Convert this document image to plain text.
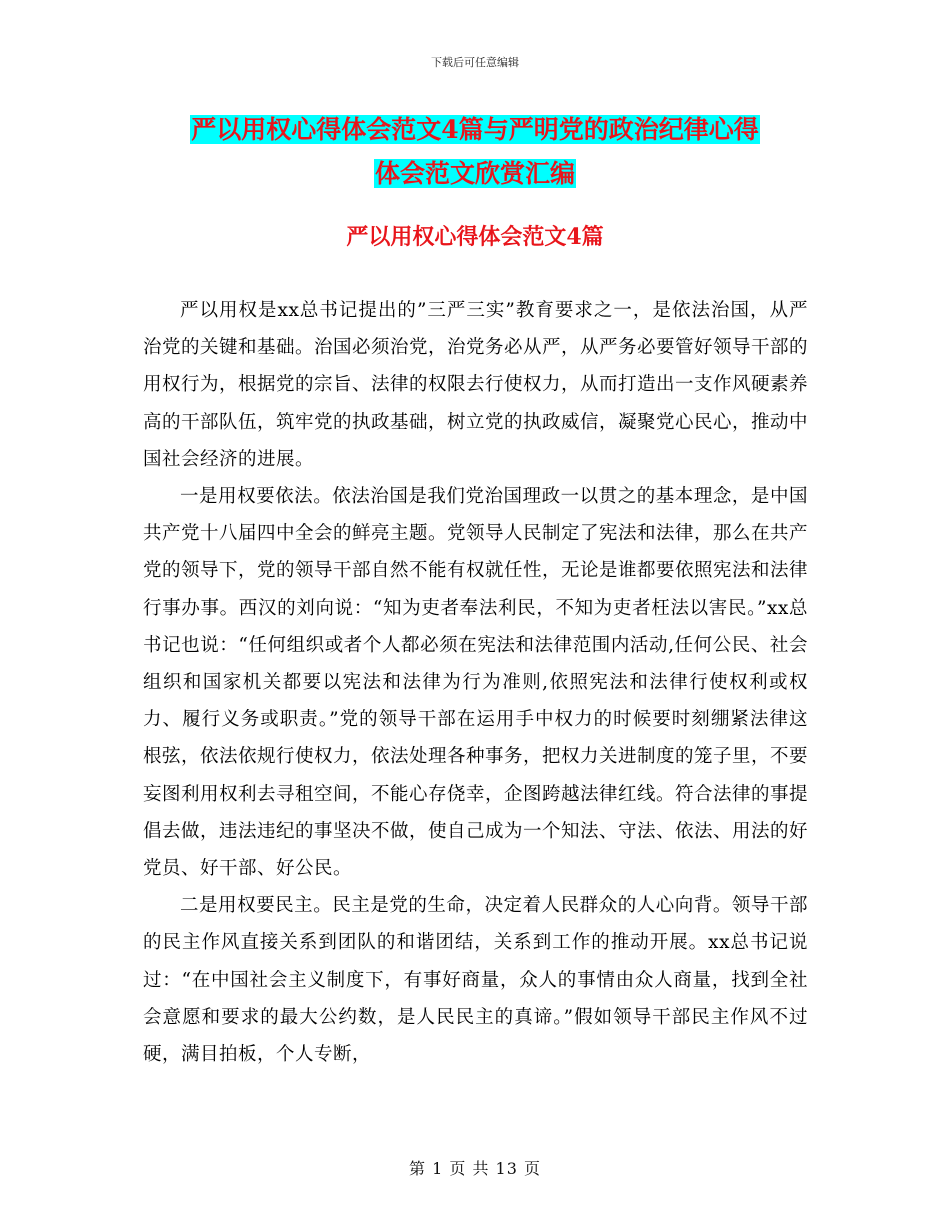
下载后可任意编辑
严以用权心得体会范文4篇与严明党的政治纪律心得
体会范文欣赏汇编
严以用权心得体会范文4篇

严以用权是xx总书记提出的”三严三实”教育要求之一，是依法治国，从严治党的关键和基础。治国必须治党，治党务必从严，从严务必要管好领导干部的用权行为，根据党的宗旨、法律的权限去行使权力，从而打造出一支作风硬素养高的干部队伍，筑牢党的执政基础，树立党的执政威信，凝聚党心民心，推动中国社会经济的进展。

一是用权要依法。依法治国是我们党治国理政一以贯之的基本理念，是中国共产党十八届四中全会的鲜亮主题。党领导人民制定了宪法和法律，那么在共产党的领导下，党的领导干部自然不能有权就任性，无论是谁都要依照宪法和法律行事办事。西汉的刘向说：“知为吏者奉法利民，不知为吏者枉法以害民。”xx总书记也说：“任何组织或者个人都必须在宪法和法律范围内活动,任何公民、社会组织和国家机关都要以宪法和法律为行为准则,依照宪法和法律行使权利或权力、履行义务或职责。”党的领导干部在运用手中权力的时候要时刻绷紧法律这根弦，依法依规行使权力，依法处理各种事务，把权力关进制度的笼子里，不要妄图利用权利去寻租空间，不能心存侥幸，企图跨越法律红线。符合法律的事提倡去做，违法违纪的事坚决不做，使自己成为一个知法、守法、依法、用法的好党员、好干部、好公民。

二是用权要民主。民主是党的生命，决定着人民群众的人心向背。领导干部的民主作风直接关系到团队的和谐团结，关系到工作的推动开展。xx总书记说过：“在中国社会主义制度下，有事好商量，众人的事情由众人商量，找到全社会意愿和要求的最大公约数，是人民民主的真谛。”假如领导干部民主作风不过硬，满目拍板，个人专断，

第 1 页 共 13 页
